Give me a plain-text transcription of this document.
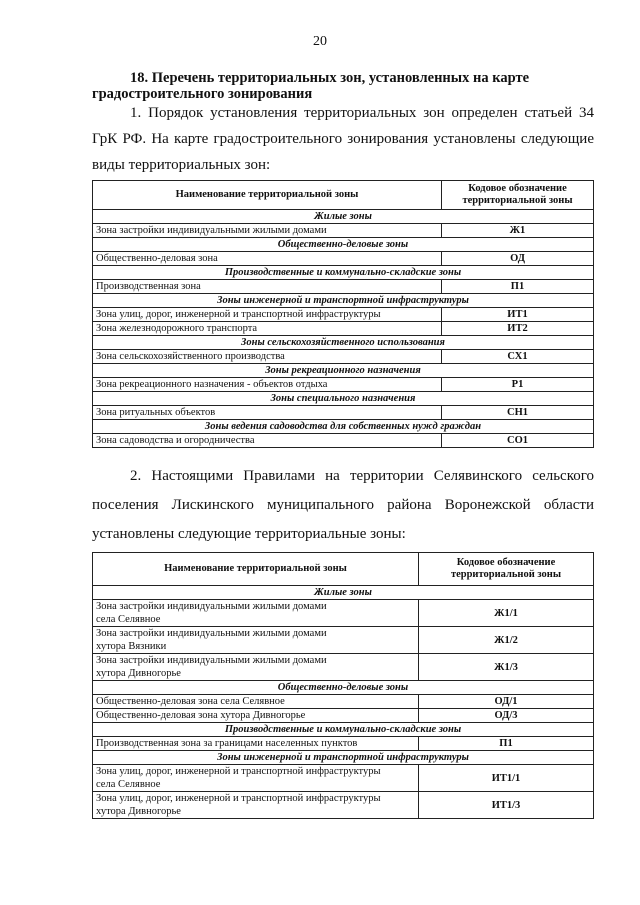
20
18. Перечень территориальных зон, установленных на карте
градостроительного зонирования
1. Порядок установления территориальных зон определен статьей 34 ГрК РФ. На карте градостроительного зонирования установлены следующие виды территориальных зон:
Наименование территориальной зоны	Кодовое обозначение территориальной зоны
Жилые зоны	
Зона застройки индивидуальными жилыми домами	Ж1
Общественно-деловые зоны	
Общественно-деловая зона	ОД
Производственные и коммунально-складские зоны	
Производственная зона	П1
Зоны инженерной и транспортной инфраструктуры	
Зона улиц, дорог, инженерной и транспортной инфраструктуры	ИТ1
Зона железнодорожного транспорта	ИТ2
Зоны сельскохозяйственного использования	
Зона сельскохозяйственного производства	СХ1
Зоны рекреационного назначения	
Зона рекреационного назначения - объектов отдыха	Р1
Зоны специального назначения	
Зона ритуальных объектов	СН1
Зоны ведения садоводства для собственных нужд граждан	
Зона садоводства и огородничества	СО1
2. Настоящими Правилами на территории Селявинского сельского поселения Лискинского муниципального района Воронежской области установлены следующие территориальные зоны:
Наименование территориальной зоны	Кодовое обозначение территориальной зоны
Жилые зоны	

Зона застройки индивидуальными жилыми домами
села Селявное	Ж1/1

Зона застройки индивидуальными жилыми домами
хутора Вязники	Ж1/2

Зона застройки индивидуальными жилыми домами
хутора Дивногорье	Ж1/3
Общественно-деловые зоны	
Общественно-деловая зона села Селявное	ОД/1
Общественно-деловая зона хутора Дивногорье	ОД/3
Производственные и коммунально-складские зоны	
Производственная зона за границами населенных пунктов	П1
Зоны инженерной и транспортной инфраструктуры	

Зона улиц, дорог, инженерной и транспортной инфраструктуры
села Селявное	ИТ1/1

Зона улиц, дорог, инженерной и транспортной инфраструктуры
хутора Дивногорье	ИТ1/3
